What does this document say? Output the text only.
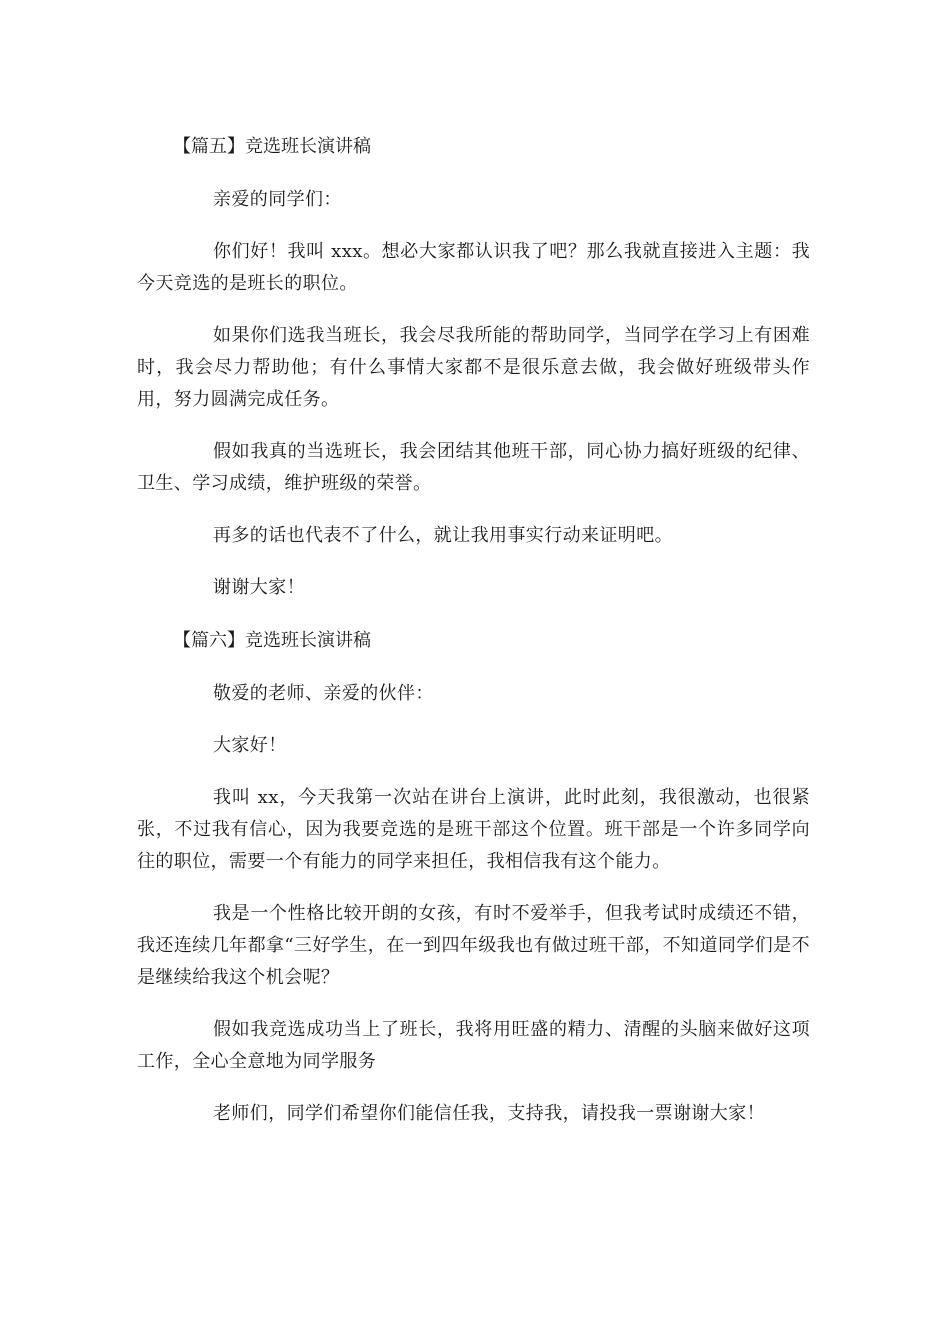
【篇五】竞选班长演讲稿

亲爱的同学们：

你们好！我叫 xxx。想必大家都认识我了吧？那么我就直接进入主题：我今天竞选的是班长的职位。

如果你们选我当班长，我会尽我所能的帮助同学，当同学在学习上有困难时，我会尽力帮助他；有什么事情大家都不是很乐意去做，我会做好班级带头作用，努力圆满完成任务。

假如我真的当选班长，我会团结其他班干部，同心协力搞好班级的纪律、卫生、学习成绩，维护班级的荣誉。

再多的话也代表不了什么，就让我用事实行动来证明吧。

谢谢大家！

【篇六】竞选班长演讲稿

敬爱的老师、亲爱的伙伴：

大家好！

我叫 xx，今天我第一次站在讲台上演讲，此时此刻，我很激动，也很紧张，不过我有信心，因为我要竞选的是班干部这个位置。班干部是一个许多同学向往的职位，需要一个有能力的同学来担任，我相信我有这个能力。

我是一个性格比较开朗的女孩，有时不爱举手，但我考试时成绩还不错，我还连续几年都拿“三好学生，在一到四年级我也有做过班干部，不知道同学们是不是继续给我这个机会呢？

假如我竞选成功当上了班长，我将用旺盛的精力、清醒的头脑来做好这项工作，全心全意地为同学服务

老师们，同学们希望你们能信任我，支持我，请投我一票谢谢大家！
